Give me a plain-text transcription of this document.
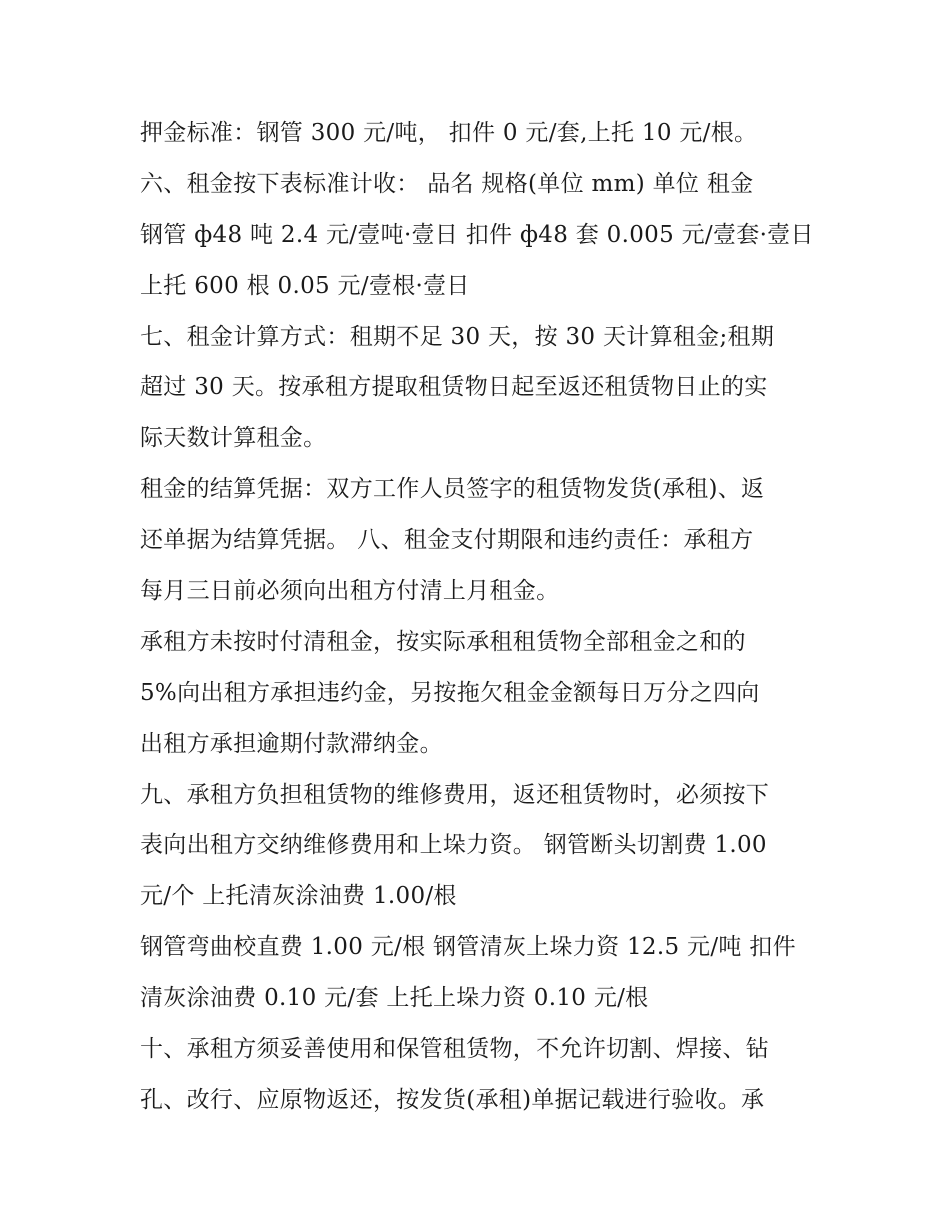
押金标准：钢管 300 元/吨， 扣件 0 元/套,上托 10 元/根。
六、租金按下表标准计收： 品名 规格(单位 mm) 单位 租金
钢管 ф48 吨 2.4 元/壹吨·壹日 扣件 ф48 套 0.005 元/壹套·壹日
上托 600 根 0.05 元/壹根·壹日
七、租金计算方式：租期不足 30 天，按 30 天计算租金;租期
超过 30 天。按承租方提取租赁物日起至返还租赁物日止的实
际天数计算租金。
租金的结算凭据：双方工作人员签字的租赁物发货(承租)、返
还单据为结算凭据。 八、租金支付期限和违约责任：承租方
每月三日前必须向出租方付清上月租金。
承租方未按时付清租金，按实际承租租赁物全部租金之和的
5%向出租方承担违约金，另按拖欠租金金额每日万分之四向
出租方承担逾期付款滞纳金。
九、承租方负担租赁物的维修费用，返还租赁物时，必须按下
表向出租方交纳维修费用和上垛力资。 钢管断头切割费 1.00
元/个 上托清灰涂油费 1.00/根
钢管弯曲校直费 1.00 元/根 钢管清灰上垛力资 12.5 元/吨 扣件
清灰涂油费 0.10 元/套 上托上垛力资 0.10 元/根
十、承租方须妥善使用和保管租赁物，不允许切割、焊接、钻
孔、改行、应原物返还，按发货(承租)单据记载进行验收。承
